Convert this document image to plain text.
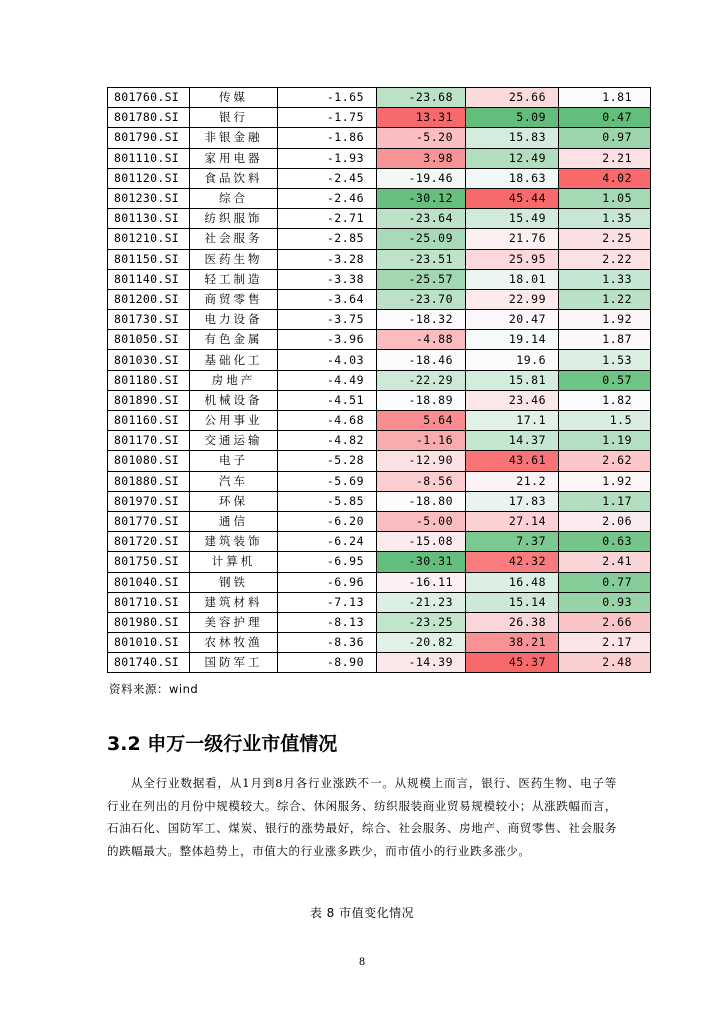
801760.SI	传媒	-1.65	-23.68	25.66	1.81
801780.SI	银行	-1.75	13.31	5.09	0.47
801790.SI	非银金融	-1.86	-5.20	15.83	0.97
801110.SI	家用电器	-1.93	3.98	12.49	2.21
801120.SI	食品饮料	-2.45	-19.46	18.63	4.02
801230.SI	综合	-2.46	-30.12	45.44	1.05
801130.SI	纺织服饰	-2.71	-23.64	15.49	1.35
801210.SI	社会服务	-2.85	-25.09	21.76	2.25
801150.SI	医药生物	-3.28	-23.51	25.95	2.22
801140.SI	轻工制造	-3.38	-25.57	18.01	1.33
801200.SI	商贸零售	-3.64	-23.70	22.99	1.22
801730.SI	电力设备	-3.75	-18.32	20.47	1.92
801050.SI	有色金属	-3.96	-4.88	19.14	1.87
801030.SI	基础化工	-4.03	-18.46	19.6	1.53
801180.SI	房地产	-4.49	-22.29	15.81	0.57
801890.SI	机械设备	-4.51	-18.89	23.46	1.82
801160.SI	公用事业	-4.68	5.64	17.1	1.5
801170.SI	交通运输	-4.82	-1.16	14.37	1.19
801080.SI	电子	-5.28	-12.90	43.61	2.62
801880.SI	汽车	-5.69	-8.56	21.2	1.92
801970.SI	环保	-5.85	-18.80	17.83	1.17
801770.SI	通信	-6.20	-5.00	27.14	2.06
801720.SI	建筑装饰	-6.24	-15.08	7.37	0.63
801750.SI	计算机	-6.95	-30.31	42.32	2.41
801040.SI	钢铁	-6.96	-16.11	16.48	0.77
801710.SI	建筑材料	-7.13	-21.23	15.14	0.93
801980.SI	美容护理	-8.13	-23.25	26.38	2.66
801010.SI	农林牧渔	-8.36	-20.82	38.21	2.17
801740.SI	国防军工	-8.90	-14.39	45.37	2.48
资料来源：wind
3.2 申万一级行业市值情况
从全行业数据看，从1月到8月各行业涨跌不一。从规模上而言，银行、医药生物、电子等行业在列出的月份中规模较大。综合、休闲服务、纺织服装商业贸易规模较小；从涨跌幅而言，石油石化、国防军工、煤炭、银行的涨势最好，综合、社会服务、房地产、商贸零售、社会服务的跌幅最大。整体趋势上，市值大的行业涨多跌少，而市值小的行业跌多涨少。
表 8 市值变化情况
8
